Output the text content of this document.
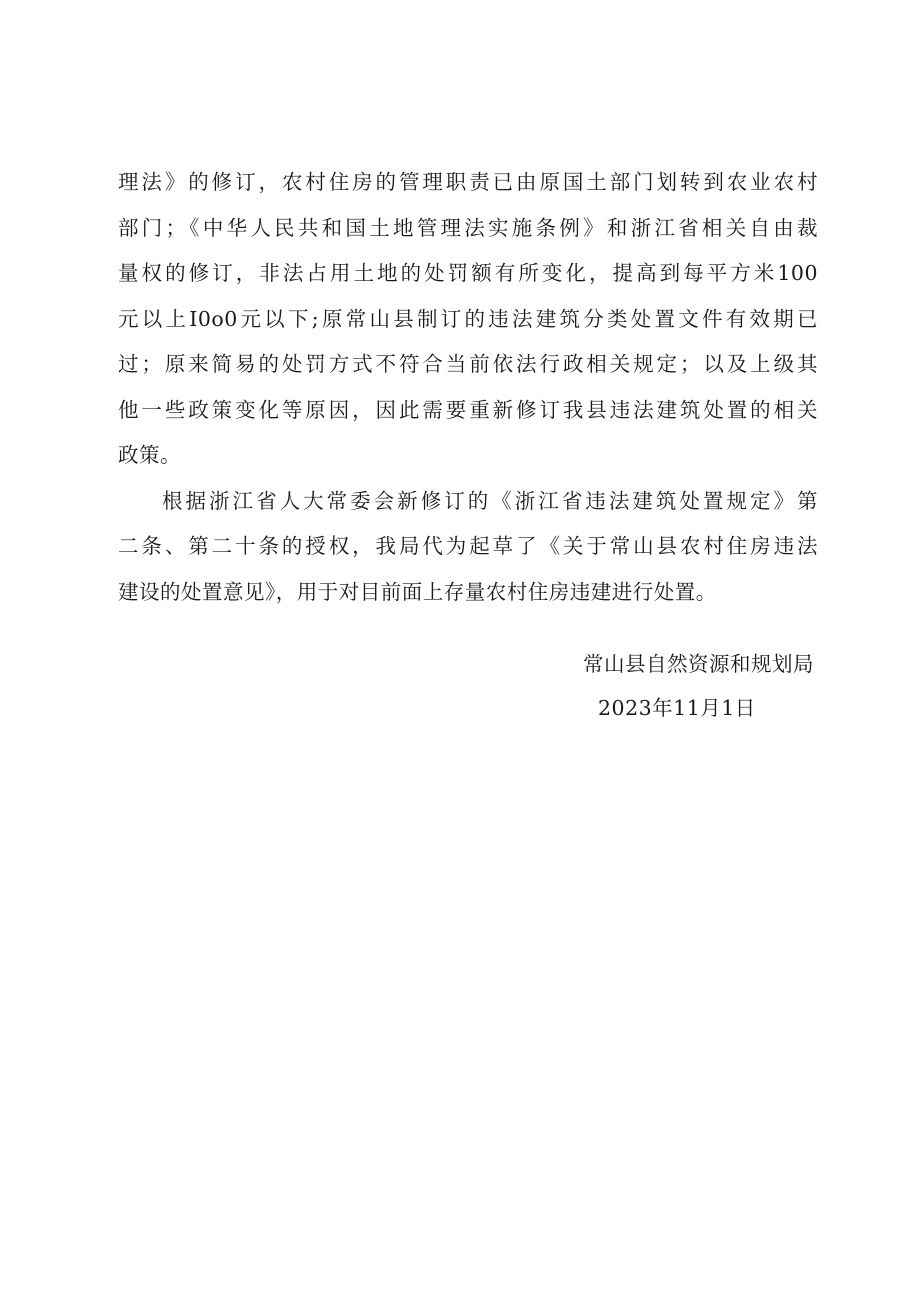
理法》的修订，农村住房的管理职责已由原国土部门划转到农业农村
部门；《中华人民共和国土地管理法实施条例》和浙江省相关自由裁
量权的修订，非法占用土地的处罚额有所变化，提高到每平方米100
元以上I0o0元以下;原常山县制订的违法建筑分类处置文件有效期已
过；原来简易的处罚方式不符合当前依法行政相关规定；以及上级其
他一些政策变化等原因，因此需要重新修订我县违法建筑处置的相关
政策。
根据浙江省人大常委会新修订的《浙江省违法建筑处置规定》第
二条、第二十条的授权，我局代为起草了《关于常山县农村住房违法
建设的处置意见》，用于对目前面上存量农村住房违建进行处置。
常山县自然资源和规划局
2023年11月1日
